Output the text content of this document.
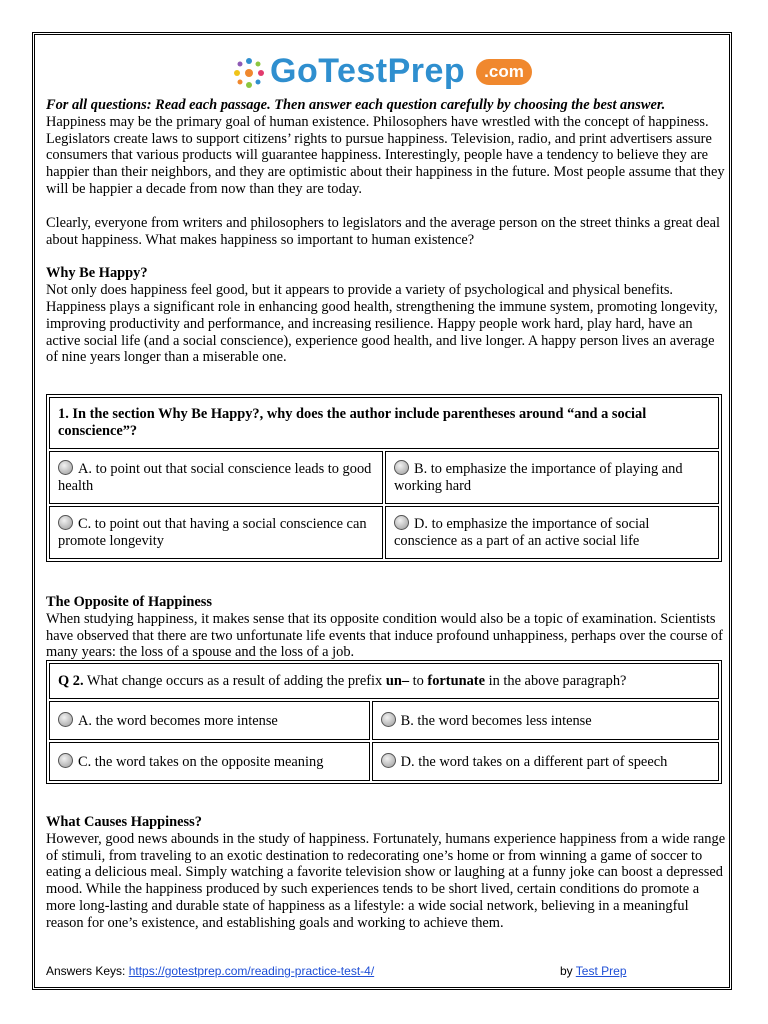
GoTestPrep	.com
For all questions: Read each passage. Then answer each question carefully by choosing the best answer.
Happiness may be the primary goal of human existence. Philosophers have wrestled with the concept of happiness. Legislators create laws to support citizens’ rights to pursue happiness. Television, radio, and print advertisers assure consumers that various products will guarantee happiness. Interestingly, people have a tendency to believe they are happier than their neighbors, and they are optimistic about their happiness in the future. Most people assume that they will be happier a decade from now than they are today.
Clearly, everyone from writers and philosophers to legislators and the average person on the street thinks a great deal about happiness. What makes happiness so important to human existence?
Why Be Happy?
Not only does happiness feel good, but it appears to provide a variety of psychological and physical benefits. Happiness plays a significant role in enhancing good health, strengthening the immune system, promoting longevity, improving productivity and performance, and increasing resilience. Happy people work hard, play hard, have an active social life (and a social conscience), experience good health, and live longer. A happy person lives an average of nine years longer than a miserable one.
1. In the section Why Be Happy?, why does the author include parentheses around “and a social conscience”?	
A. to point out that social conscience leads to good health	B. to emphasize the importance of playing and working hard
C. to point out that having a social conscience can promote longevity	D. to emphasize the importance of social conscience as a part of an active social life
The Opposite of Happiness
When studying happiness, it makes sense that its opposite condition would also be a topic of examination. Scientists have observed that there are two unfortunate life events that induce profound unhappiness, perhaps over the course of many years: the loss of a spouse and the loss of a job.
Q 2. What change occurs as a result of adding the prefix un– to fortunate in the above paragraph?	
A. the word becomes more intense	B. the word becomes less intense
C. the word takes on the opposite meaning	D. the word takes on a different part of speech
What Causes Happiness?
However, good news abounds in the study of happiness. Fortunately, humans experience happiness from a wide range of stimuli, from traveling to an exotic destination to redecorating one’s home or from winning a game of soccer to eating a delicious meal. Simply watching a favorite television show or laughing at a funny joke can boost a depressed mood. While the happiness produced by such experiences tends to be short lived, certain conditions do promote a more long-lasting and durable state of happiness as a lifestyle: a wide social network, believing in a meaningful reason for one’s existence, and establishing goals and working to achieve them.
Answers Keys: https://gotestprep.com/reading-practice-test-4/	by Test Prep
